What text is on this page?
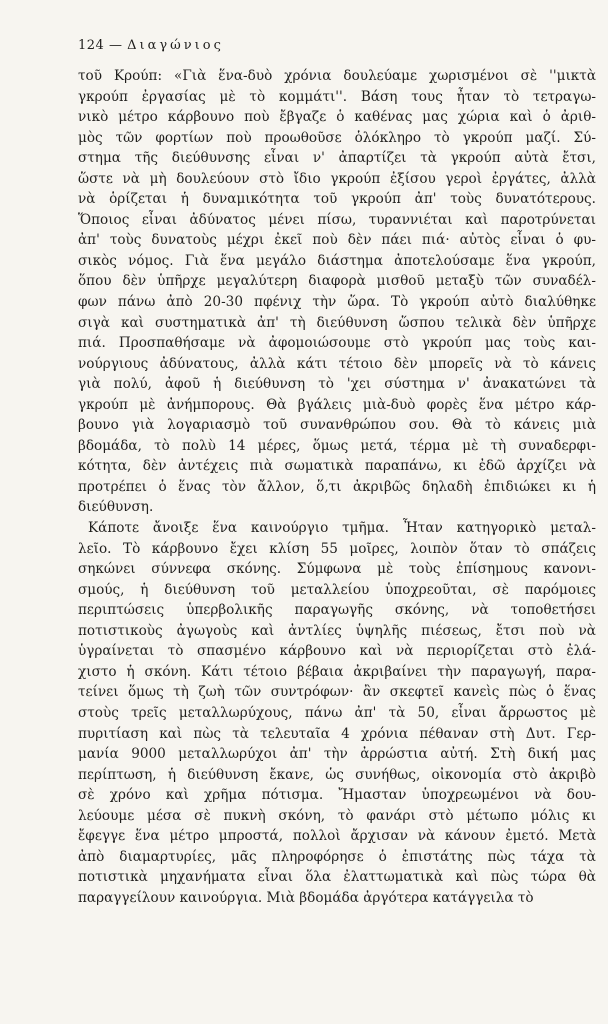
124 — Διαγώνιος
τοῦ Κρούπ: «Γιὰ ἕνα-δυὸ χρόνια δουλεύαμε χωρισμένοι σὲ ''μικτὰ
γκρούπ ἐργασίας μὲ τὸ κομμάτι''. Βάση τους ἦταν τὸ τετραγω-
νικὸ μέτρο κάρβουνο ποὺ ἔβγαζε ὁ καθένας μας χώρια καὶ ὁ ἀριθ-
μὸς τῶν φορτίων ποὺ προωθοῦσε ὁλόκληρο τὸ γκρούπ μαζί. Σύ-
στημα τῆς διεύθυνσης εἶναι ν' ἀπαρτίζει τὰ γκρούπ αὐτὰ ἔτσι,
ὥστε νὰ μὴ δουλεύουν στὸ ἴδιο γκρούπ ἐξίσου γεροὶ ἐργάτες, ἀλλὰ
νὰ ὁρίζεται ἡ δυναμικότητα τοῦ γκρούπ ἀπ' τοὺς δυνατότερους.
Ὅποιος εἶναι ἀδύνατος μένει πίσω, τυραννιέται καὶ παροτρύνεται
ἀπ' τοὺς δυνατοὺς μέχρι ἐκεῖ ποὺ δὲν πάει πιά· αὐτὸς εἶναι ὁ φυ-
σικὸς νόμος. Γιὰ ἕνα μεγάλο διάστημα ἀποτελούσαμε ἕνα γκρούπ,
ὅπου δὲν ὑπῆρχε μεγαλύτερη διαφορὰ μισθοῦ μεταξὺ τῶν συναδέλ-
φων πάνω ἀπὸ 20-30 πφένιχ τὴν ὥρα. Τὸ γκρούπ αὐτὸ διαλύθηκε
σιγὰ καὶ συστηματικὰ ἀπ' τὴ διεύθυνση ὥσπου τελικὰ δὲν ὑπῆρχε
πιά. Προσπαθήσαμε νὰ ἀφομοιώσουμε στὸ γκρούπ μας τοὺς και-
νούργιους ἀδύνατους, ἀλλὰ κάτι τέτοιο δὲν μπορεῖς νὰ τὸ κάνεις
γιὰ πολύ, ἀφοῦ ἡ διεύθυνση τὸ 'χει σύστημα ν' ἀνακατώνει τὰ
γκρούπ μὲ ἀνήμπορους. Θὰ βγάλεις μιὰ-δυὸ φορὲς ἕνα μέτρο κάρ-
βουνο γιὰ λογαριασμὸ τοῦ συνανθρώπου σου. Θὰ τὸ κάνεις μιὰ
βδομάδα, τὸ πολὺ 14 μέρες, ὅμως μετά, τέρμα μὲ τὴ συναδερφι-
κότητα, δὲν ἀντέχεις πιὰ σωματικὰ παραπάνω, κι ἐδῶ ἀρχίζει νὰ
προτρέπει ὁ ἕνας τὸν ἄλλον, ὅ,τι ἀκριβῶς δηλαδὴ ἐπιδιώκει κι ἡ
διεύθυνση.
Κάποτε ἄνοιξε ἕνα καινούργιο τμῆμα. Ἦταν κατηγορικὸ μεταλ-
λεῖο. Τὸ κάρβουνο ἔχει κλίση 55 μοῖρες, λοιπὸν ὅταν τὸ σπάζεις
σηκώνει σύννεφα σκόνης. Σύμφωνα μὲ τοὺς ἐπίσημους κανονι-
σμούς, ἡ διεύθυνση τοῦ μεταλλείου ὑποχρεοῦται, σὲ παρόμοιες
περιπτώσεις ὑπερβολικῆς παραγωγῆς σκόνης, νὰ τοποθετήσει
ποτιστικοὺς ἀγωγοὺς καὶ ἀντλίες ὑψηλῆς πιέσεως, ἔτσι ποὺ νὰ
ὑγραίνεται τὸ σπασμένο κάρβουνο καὶ νὰ περιορίζεται στὸ ἐλά-
χιστο ἡ σκόνη. Κάτι τέτοιο βέβαια ἀκριβαίνει τὴν παραγωγή, παρα-
τείνει ὅμως τὴ ζωὴ τῶν συντρόφων· ἂν σκεφτεῖ κανεὶς πὼς ὁ ἕνας
στοὺς τρεῖς μεταλλωρύχους, πάνω ἀπ' τὰ 50, εἶναι ἄρρωστος μὲ
πυριτίαση καὶ πὼς τὰ τελευταῖα 4 χρόνια πέθαναν στὴ Δυτ. Γερ-
μανία 9000 μεταλλωρύχοι ἀπ' τὴν ἀρρώστια αὐτή. Στὴ δική μας
περίπτωση, ἡ διεύθυνση ἔκανε, ὡς συνήθως, οἰκονομία στὸ ἀκριβὸ
σὲ χρόνο καὶ χρῆμα πότισμα. Ἤμασταν ὑποχρεωμένοι νὰ δου-
λεύουμε μέσα σὲ πυκνὴ σκόνη, τὸ φανάρι στὸ μέτωπο μόλις κι
ἔφεγγε ἕνα μέτρο μπροστά, πολλοὶ ἄρχισαν νὰ κάνουν ἐμετό. Μετὰ
ἀπὸ διαμαρτυρίες, μᾶς πληροφόρησε ὁ ἐπιστάτης πὼς τάχα τὰ
ποτιστικὰ μηχανήματα εἶναι ὅλα ἐλαττωματικὰ καὶ πὼς τώρα θὰ
παραγγείλουν καινούργια. Μιὰ βδομάδα ἀργότερα κατάγγειλα τὸ
